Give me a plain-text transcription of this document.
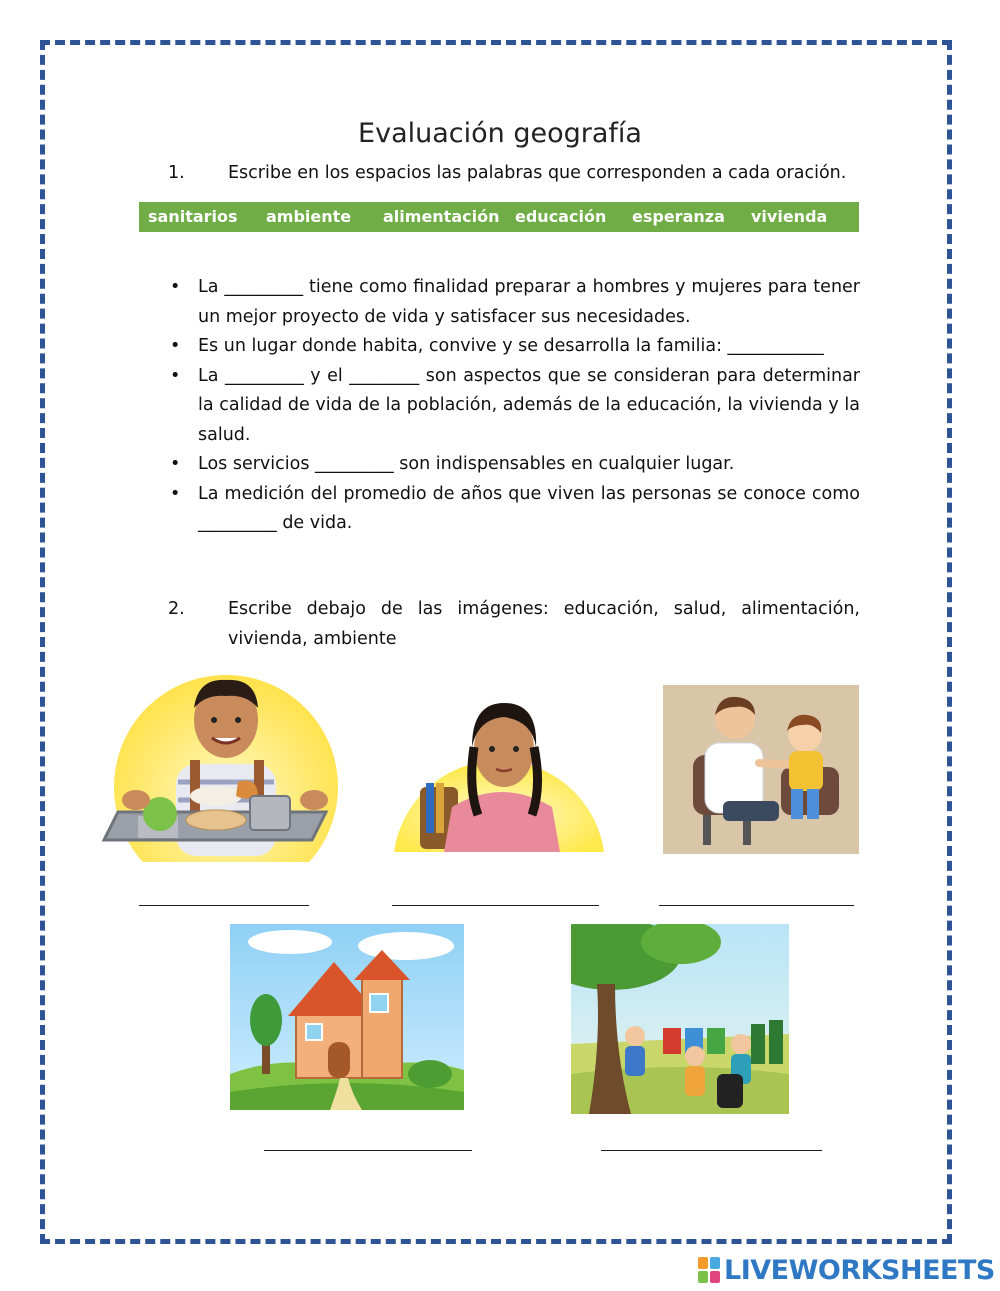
Evaluación geografía
1. Escribe en los espacios las palabras que corresponden a cada oración.
sanitarios ambiente alimentación educación esperanza vivienda
• La _________ tiene como finalidad preparar a hombres y mujeres para tener un mejor proyecto de vida y satisfacer sus necesidades.
• Es un lugar donde habita, convive y se desarrolla la familia: ___________
• La _________ y el ________ son aspectos que se consideran para determinar la calidad de vida de la población, además de la educación, la vivienda y la salud.
• Los servicios _________ son indispensables en cualquier lugar.
• La medición del promedio de años que viven las personas se conoce como _________ de vida.
2. Escribe debajo de las imágenes: educación, salud, alimentación, vivienda, ambiente
LIVEWORKSHEETS
